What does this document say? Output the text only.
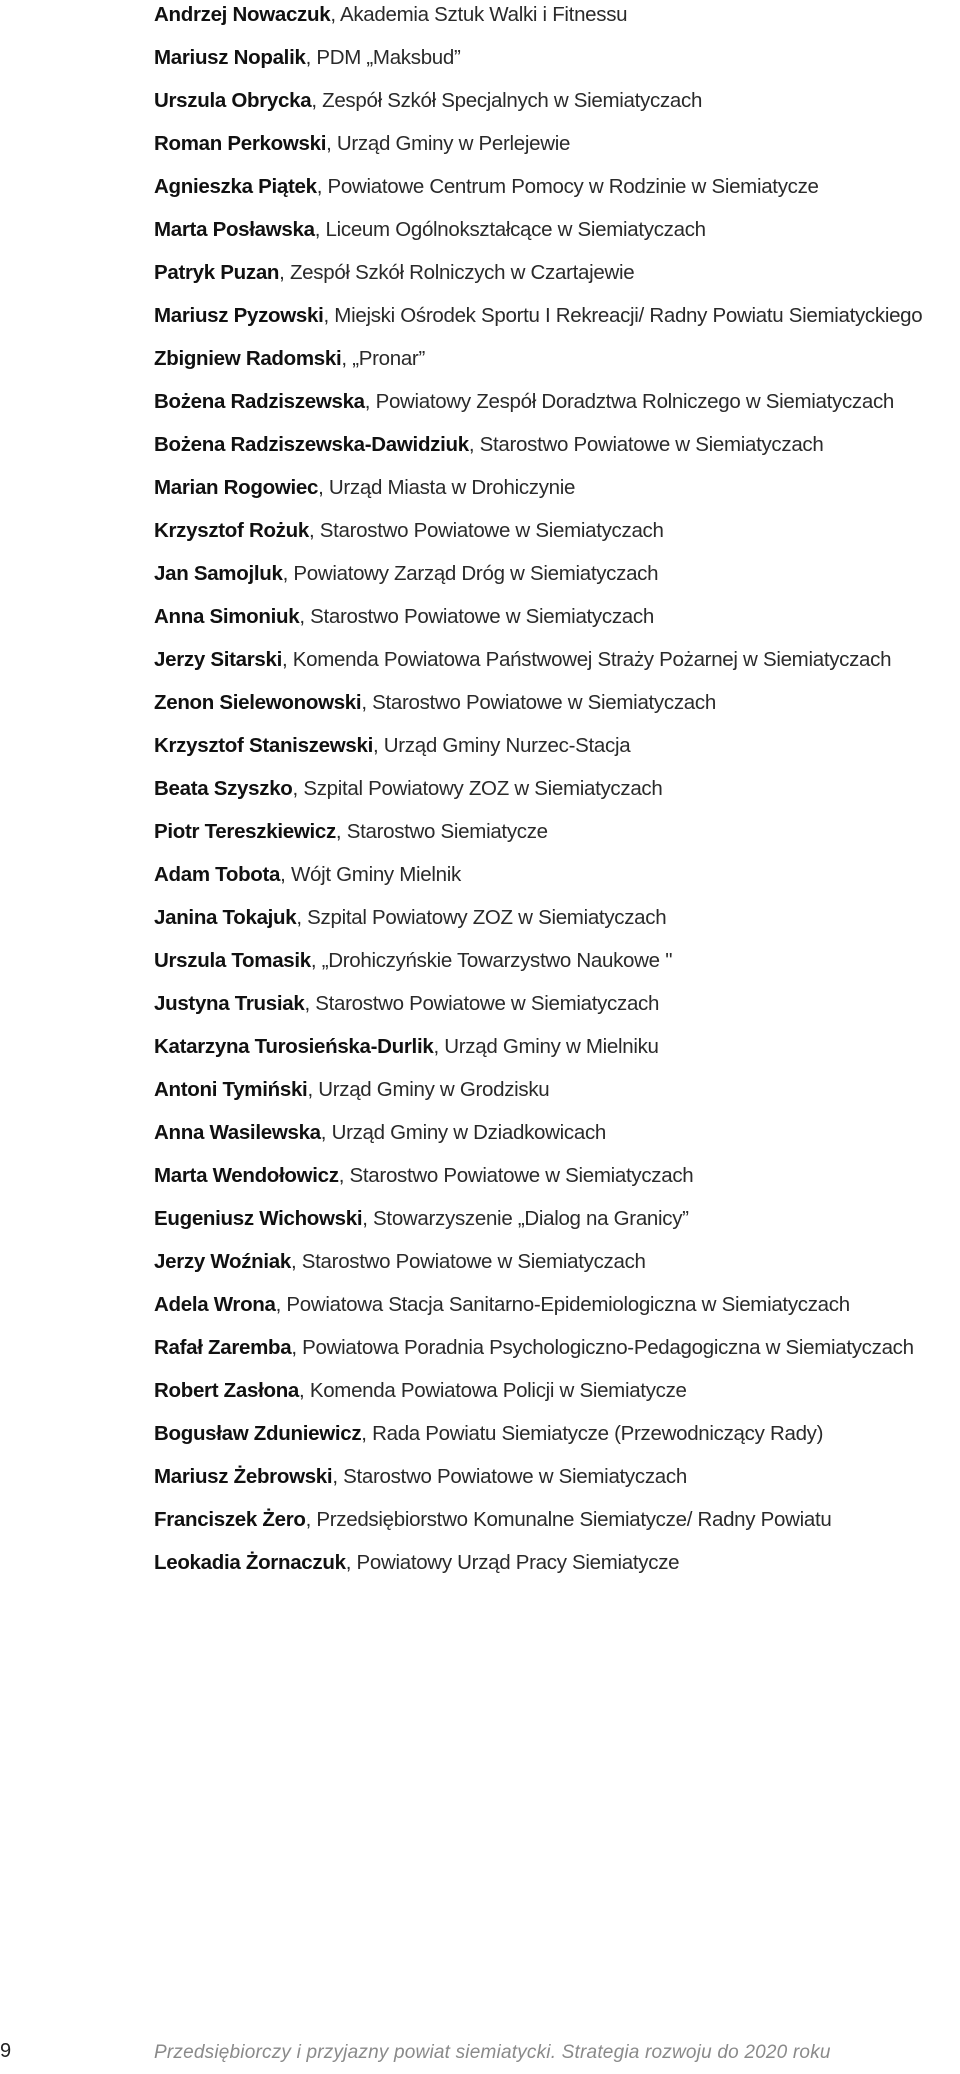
Andrzej Nowaczuk, Akademia Sztuk Walki i Fitnessu
Mariusz Nopalik, PDM „Maksbud”
Urszula Obrycka, Zespół Szkół Specjalnych w Siemiatyczach
Roman Perkowski, Urząd Gminy w Perlejewie
Agnieszka Piątek, Powiatowe Centrum Pomocy w Rodzinie w Siemiatycze
Marta Posławska, Liceum Ogólnokształcące w Siemiatyczach
Patryk Puzan, Zespół Szkół Rolniczych w Czartajewie
Mariusz Pyzowski, Miejski Ośrodek Sportu I Rekreacji/ Radny Powiatu Siemiatyckiego
Zbigniew Radomski, „Pronar”
Bożena Radziszewska, Powiatowy Zespół Doradztwa Rolniczego w Siemiatyczach
Bożena Radziszewska-Dawidziuk, Starostwo Powiatowe w Siemiatyczach
Marian Rogowiec, Urząd Miasta w Drohiczynie
Krzysztof Rożuk, Starostwo Powiatowe w Siemiatyczach
Jan Samojluk, Powiatowy Zarząd Dróg w Siemiatyczach
Anna Simoniuk, Starostwo Powiatowe w Siemiatyczach
Jerzy Sitarski, Komenda Powiatowa Państwowej Straży Pożarnej w Siemiatyczach
Zenon Sielewonowski, Starostwo Powiatowe w Siemiatyczach
Krzysztof Staniszewski, Urząd Gminy Nurzec-Stacja
Beata Szyszko, Szpital Powiatowy ZOZ w Siemiatyczach
Piotr Tereszkiewicz, Starostwo Siemiatycze
Adam Tobota, Wójt Gminy Mielnik
Janina Tokajuk, Szpital Powiatowy ZOZ w Siemiatyczach
Urszula Tomasik, „Drohiczyńskie Towarzystwo Naukowe ''
Justyna Trusiak, Starostwo Powiatowe w Siemiatyczach
Katarzyna Turosieńska-Durlik, Urząd Gminy w Mielniku
Antoni Tymiński, Urząd Gminy w Grodzisku
Anna Wasilewska, Urząd Gminy w Dziadkowicach
Marta Wendołowicz, Starostwo Powiatowe w Siemiatyczach
Eugeniusz Wichowski, Stowarzyszenie „Dialog na Granicy”
Jerzy Woźniak, Starostwo Powiatowe w Siemiatyczach
Adela Wrona, Powiatowa Stacja Sanitarno-Epidemiologiczna w Siemiatyczach
Rafał Zaremba, Powiatowa Poradnia Psychologiczno-Pedagogiczna w Siemiatyczach
Robert Zasłona, Komenda Powiatowa Policji w Siemiatycze
Bogusław Zduniewicz, Rada Powiatu Siemiatycze (Przewodniczący Rady)
Mariusz Żebrowski, Starostwo Powiatowe w Siemiatyczach
Franciszek Żero, Przedsiębiorstwo Komunalne Siemiatycze/ Radny Powiatu
Leokadia Żornaczuk, Powiatowy Urząd Pracy Siemiatycze
9	Przedsiębiorczy i przyjazny powiat siemiatycki. Strategia rozwoju do 2020 roku
